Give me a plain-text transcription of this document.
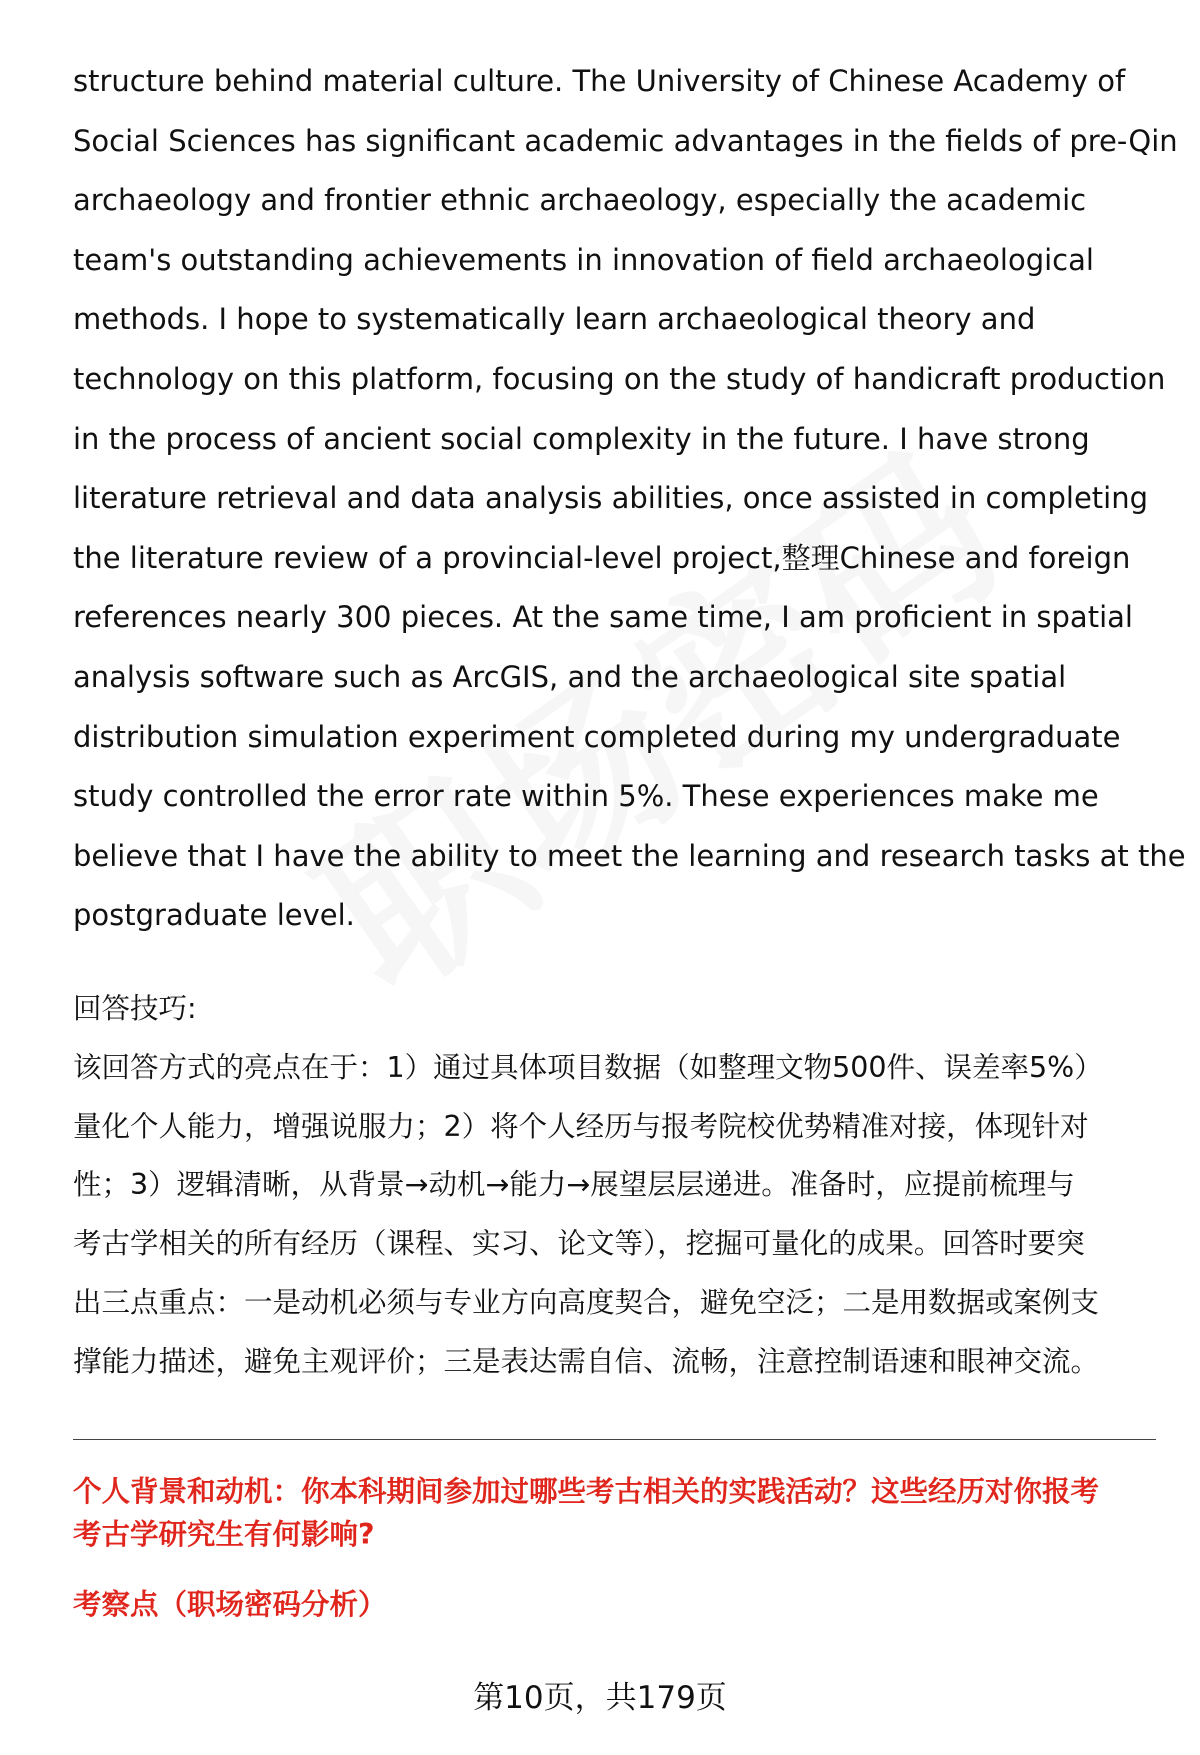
structure behind material culture. The University of Chinese Academy of
Social Sciences has significant academic advantages in the fields of pre-Qin
archaeology and frontier ethnic archaeology, especially the academic
team's outstanding achievements in innovation of field archaeological
methods. I hope to systematically learn archaeological theory and
technology on this platform, focusing on the study of handicraft production
in the process of ancient social complexity in the future. I have strong
literature retrieval and data analysis abilities, once assisted in completing
the literature review of a provincial-level project,整理Chinese and foreign
references nearly 300 pieces. At the same time, I am proficient in spatial
analysis software such as ArcGIS, and the archaeological site spatial
distribution simulation experiment completed during my undergraduate
study controlled the error rate within 5%. These experiences make me
believe that I have the ability to meet the learning and research tasks at the
postgraduate level.
回答技巧:
该回答方式的亮点在于：1）通过具体项目数据（如整理文物500件、误差率5%）
量化个人能力，增强说服力；2）将个人经历与报考院校优势精准对接，体现针对
性；3）逻辑清晰，从背景→动机→能力→展望层层递进。准备时，应提前梳理与
考古学相关的所有经历（课程、实习、论文等），挖掘可量化的成果。回答时要突
出三点重点：一是动机必须与专业方向高度契合，避免空泛；二是用数据或案例支
撑能力描述，避免主观评价；三是表达需自信、流畅，注意控制语速和眼神交流。
个人背景和动机：你本科期间参加过哪些考古相关的实践活动？这些经历对你报考
考古学研究生有何影响?
考察点（职场密码分析）
第10页，共179页
